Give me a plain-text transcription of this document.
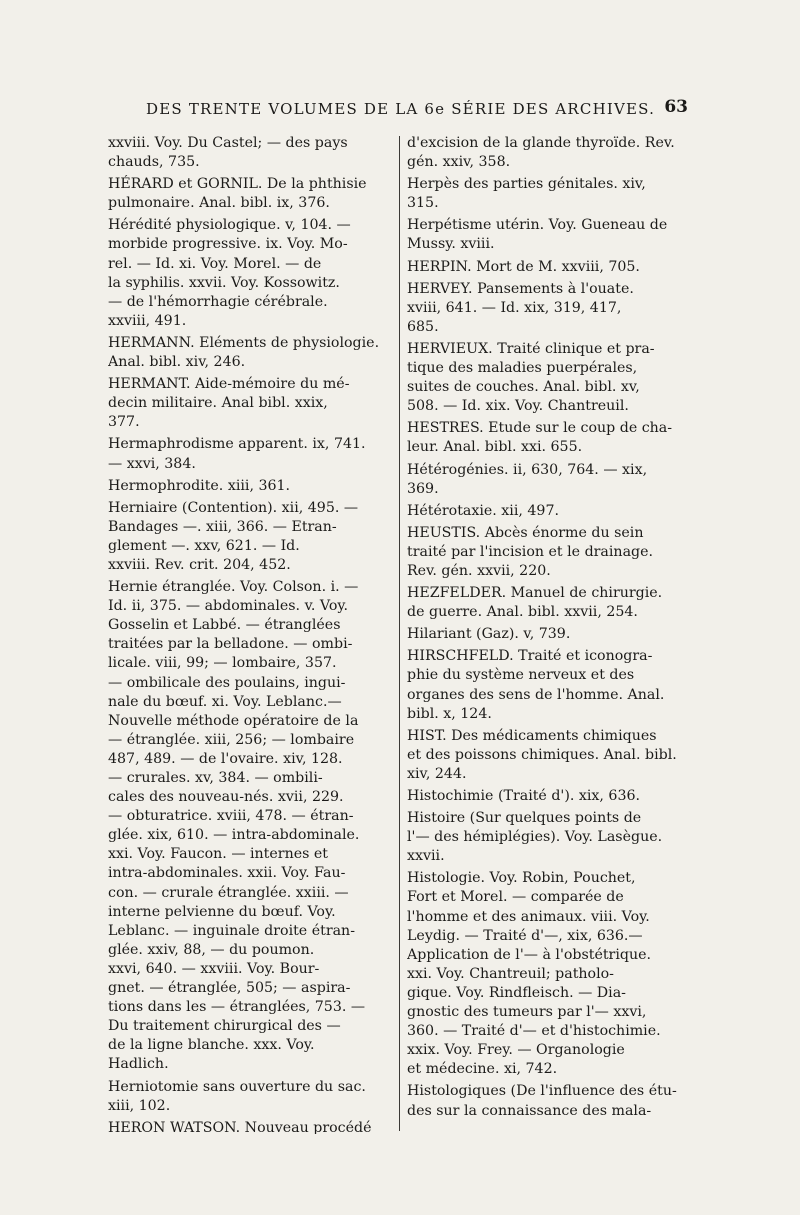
DES TRENTE VOLUMES DE LA 6e SÉRIE DES ARCHIVES. 63
xxviii. Voy. Du Castel; — des pays
chauds, 735.
HÉRARD et GORNIL. De la phthisie
pulmonaire. Anal. bibl. ix, 376.
Hérédité physiologique. v, 104. —
morbide progressive. ix. Voy. Mo-
rel. — Id. xi. Voy. Morel. — de
la syphilis. xxvii. Voy. Kossowitz.
— de l'hémorrhagie cérébrale.
xxviii, 491.
HERMANN. Eléments de physiologie.
Anal. bibl. xiv, 246.
HERMANT. Aide-mémoire du mé-
decin militaire. Anal bibl. xxix,
377.
Hermaphrodisme apparent. ix, 741.
— xxvi, 384.
Hermophrodite. xiii, 361.
Herniaire (Contention). xii, 495. —
Bandages —. xiii, 366. — Etran-
glement —. xxv, 621. — Id.
xxviii. Rev. crit. 204, 452.
Hernie étranglée. Voy. Colson. i. —
Id. ii, 375. — abdominales. v. Voy.
Gosselin et Labbé. — étranglées
traitées par la belladone. — ombi-
licale. viii, 99; — lombaire, 357.
— ombilicale des poulains, ingui-
nale du bœuf. xi. Voy. Leblanc.—
Nouvelle méthode opératoire de la
— étranglée. xiii, 256; — lombaire
487, 489. — de l'ovaire. xiv, 128.
— crurales. xv, 384. — ombili-
cales des nouveau-nés. xvii, 229.
— obturatrice. xviii, 478. — étran-
glée. xix, 610. — intra-abdominale.
xxi. Voy. Faucon. — internes et
intra-abdominales. xxii. Voy. Fau-
con. — crurale étranglée. xxiii. —
interne pelvienne du bœuf. Voy.
Leblanc. — inguinale droite étran-
glée. xxiv, 88, — du poumon.
xxvi, 640. — xxviii. Voy. Bour-
gnet. — étranglée, 505; — aspira-
tions dans les — étranglées, 753. —
Du traitement chirurgical des —
de la ligne blanche. xxx. Voy.
Hadlich.
Herniotomie sans ouverture du sac.
xiii, 102.
HERON WATSON. Nouveau procédé
d'excision de la glande thyroïde. Rev.
gén. xxiv, 358.
Herpès des parties génitales. xiv,
315.
Herpétisme utérin. Voy. Gueneau de
Mussy. xviii.
HERPIN. Mort de M. xxviii, 705.
HERVEY. Pansements à l'ouate.
xviii, 641. — Id. xix, 319, 417,
685.
HERVIEUX. Traité clinique et pra-
tique des maladies puerpérales,
suites de couches. Anal. bibl. xv,
508. — Id. xix. Voy. Chantreuil.
HESTRES. Etude sur le coup de cha-
leur. Anal. bibl. xxi. 655.
Hétérogénies. ii, 630, 764. — xix,
369.
Hétérotaxie. xii, 497.
HEUSTIS. Abcès énorme du sein
traité par l'incision et le drainage.
Rev. gén. xxvii, 220.
HEZFELDER. Manuel de chirurgie.
de guerre. Anal. bibl. xxvii, 254.
Hilariant (Gaz). v, 739.
HIRSCHFELD. Traité et iconogra-
phie du système nerveux et des
organes des sens de l'homme. Anal.
bibl. x, 124.
HIST. Des médicaments chimiques
et des poissons chimiques. Anal. bibl.
xiv, 244.
Histochimie (Traité d'). xix, 636.
Histoire (Sur quelques points de
l'— des hémiplégies). Voy. Lasègue.
xxvii.
Histologie. Voy. Robin, Pouchet,
Fort et Morel. — comparée de
l'homme et des animaux. viii. Voy.
Leydig. — Traité d'—, xix, 636.—
Application de l'— à l'obstétrique.
xxi. Voy. Chantreuil; patholo-
gique. Voy. Rindfleisch. — Dia-
gnostic des tumeurs par l'— xxvi,
360. — Traité d'— et d'histochimie.
xxix. Voy. Frey. — Organologie
et médecine. xi, 742.
Histologiques (De l'influence des étu-
des sur la connaissance des mala-
